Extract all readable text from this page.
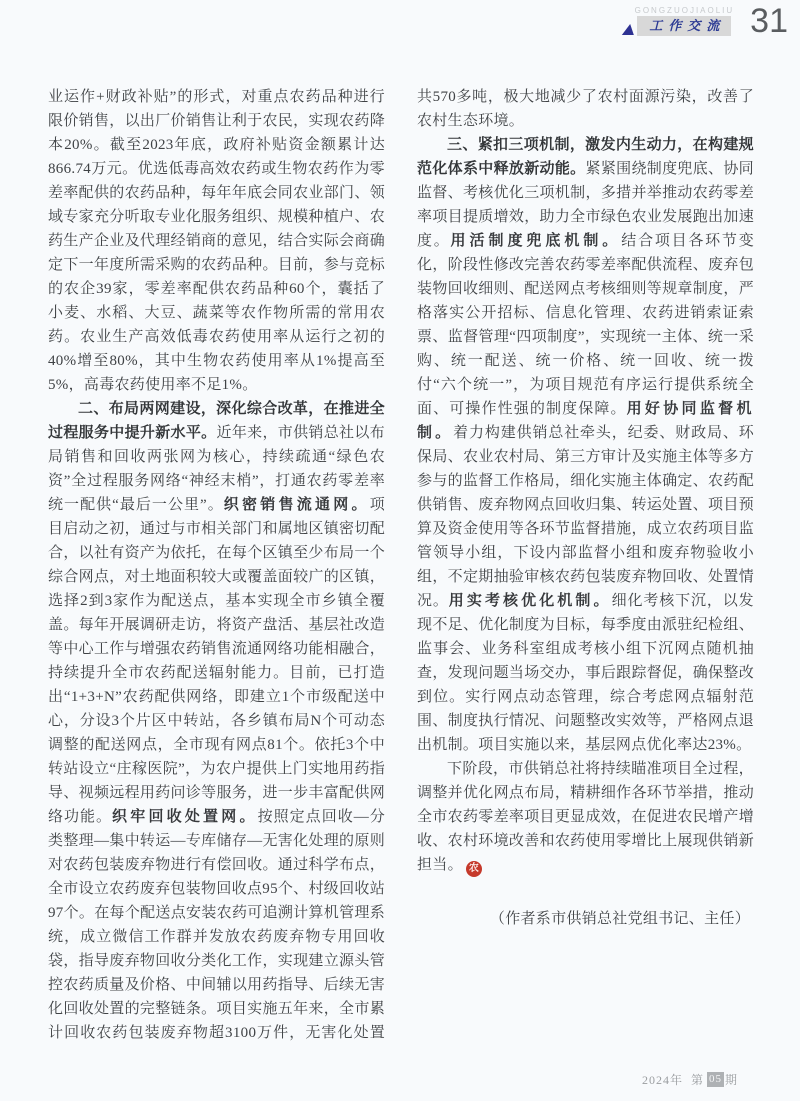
GONGZUOJIAOLIU
工作交流 31

业运作+财政补贴”的形式，对重点农药品种进行限价销售，以出厂价销售让利于农民，实现农药降本20%。截至2023年底，政府补贴资金额累计达866.74万元。优选低毒高效农药或生物农药作为零差率配供的农药品种，每年年底会同农业部门、领域专家充分听取专业化服务组织、规模种植户、农药生产企业及代理经销商的意见，结合实际会商确定下一年度所需采购的农药品种。目前，参与竞标的农企39家，零差率配供农药品种60个，囊括了小麦、水稻、大豆、蔬菜等农作物所需的常用农药。农业生产高效低毒农药使用率从运行之初的40%增至80%，其中生物农药使用率从1%提高至5%，高毒农药使用率不足1%。

二、布局两网建设，深化综合改革，在推进全过程服务中提升新水平。近年来，市供销总社以布局销售和回收两张网为核心，持续疏通“绿色农资”全过程服务网络“神经末梢”，打通农药零差率统一配供“最后一公里”。织密销售流通网。项目启动之初，通过与市相关部门和属地区镇密切配合，以社有资产为依托，在每个区镇至少布局一个综合网点，对土地面积较大或覆盖面较广的区镇，选择2到3家作为配送点，基本实现全市乡镇全覆盖。每年开展调研走访，将资产盘活、基层社改造等中心工作与增强农药销售流通网络功能相融合，持续提升全市农药配送辐射能力。目前，已打造出“1+3+N”农药配供网络，即建立1个市级配送中心，分设3个片区中转站，各乡镇布局N个可动态调整的配送网点，全市现有网点81个。依托3个中转站设立“庄稼医院”，为农户提供上门实地用药指导、视频远程用药问诊等服务，进一步丰富配供网络功能。织牢回收处置网。按照定点回收—分类整理—集中转运—专库储存—无害化处理的原则对农药包装废弃物进行有偿回收。通过科学布点，全市设立农药废弃包装物回收点95个、村级回收站97个。在每个配送点安装农药可追溯计算机管理系统，成立微信工作群并发放农药废弃物专用回收袋，指导废弃物回收分类化工作，实现建立源头管控农药质量及价格、中间辅以用药指导、后续无害化回收处置的完整链条。项目实施五年来，全市累计回收农药包装废弃物超3100万件，无害化处置共570多吨，极大地减少了农村面源污染，改善了农村生态环境。

三、紧扣三项机制，激发内生动力，在构建规范化体系中释放新动能。紧紧围绕制度兜底、协同监督、考核优化三项机制，多措并举推动农药零差率项目提质增效，助力全市绿色农业发展跑出加速度。用活制度兜底机制。结合项目各环节变化，阶段性修改完善农药零差率配供流程、废弃包装物回收细则、配送网点考核细则等规章制度，严格落实公开招标、信息化管理、农药进销索证索票、监督管理“四项制度”，实现统一主体、统一采购、统一配送、统一价格、统一回收、统一拨付“六个统一”，为项目规范有序运行提供系统全面、可操作性强的制度保障。用好协同监督机制。着力构建供销总社牵头，纪委、财政局、环保局、农业农村局、第三方审计及实施主体等多方参与的监督工作格局，细化实施主体确定、农药配供销售、废弃物网点回收归集、转运处置、项目预算及资金使用等各环节监督措施，成立农药项目监管领导小组，下设内部监督小组和废弃物验收小组，不定期抽验审核农药包装废弃物回收、处置情况。用实考核优化机制。细化考核下沉，以发现不足、优化制度为目标，每季度由派驻纪检组、监事会、业务科室组成考核小组下沉网点随机抽查，发现问题当场交办，事后跟踪督促，确保整改到位。实行网点动态管理，综合考虑网点辐射范围、制度执行情况、问题整改实效等，严格网点退出机制。项目实施以来，基层网点优化率达23%。

下阶段，市供销总社将持续瞄准项目全过程，调整并优化网点布局，精耕细作各环节举措，推动全市农药零差率项目更显成效，在促进农民增产增收、农村环境改善和农药使用零增比上展现供销新担当。 农

（作者系市供销总社党组书记、主任）

2024年 第 05 期
